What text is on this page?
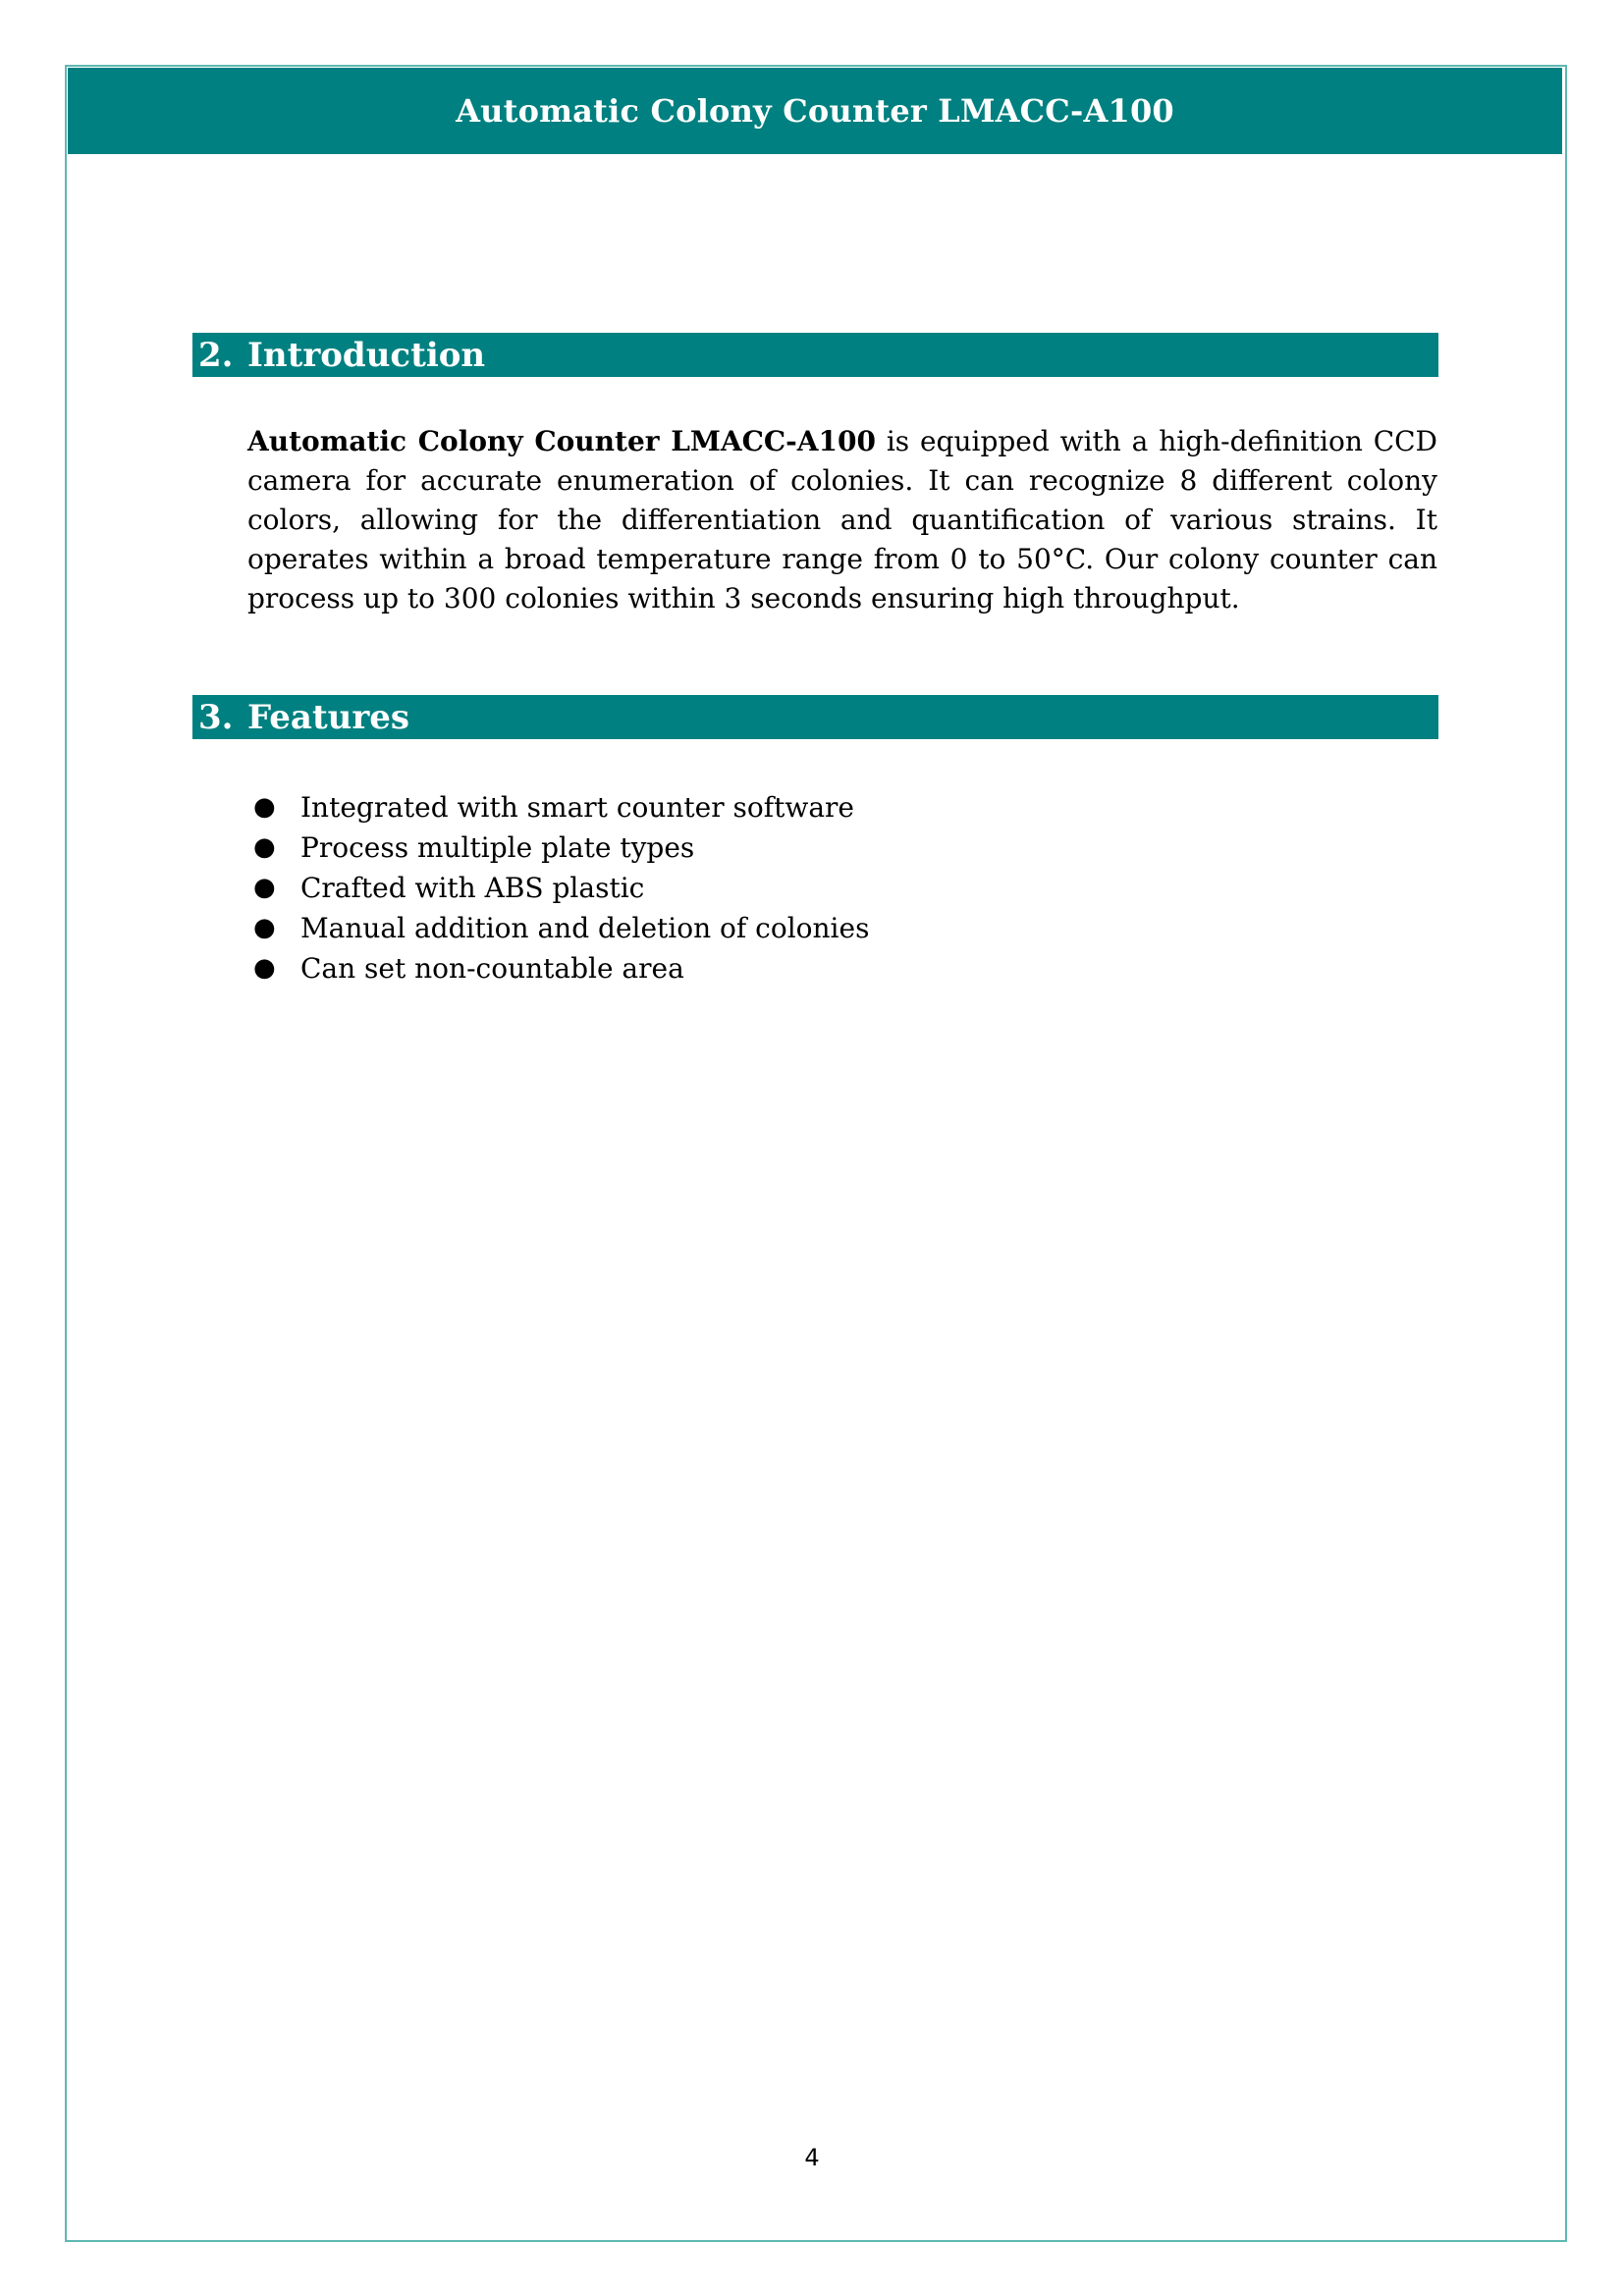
Automatic Colony Counter LMACC-A100
2. Introduction

Automatic Colony Counter LMACC-A100 is equipped with a high-definition CCD camera for accurate enumeration of colonies. It can recognize 8 different colony colors, allowing for the differentiation and quantification of various strains. It operates within a broad temperature range from 0 to 50°C. Our colony counter can process up to 300 colonies within 3 seconds ensuring high throughput.

3. Features
● Integrated with smart counter software
● Process multiple plate types
● Crafted with ABS plastic
● Manual addition and deletion of colonies
● Can set non-countable area
4
